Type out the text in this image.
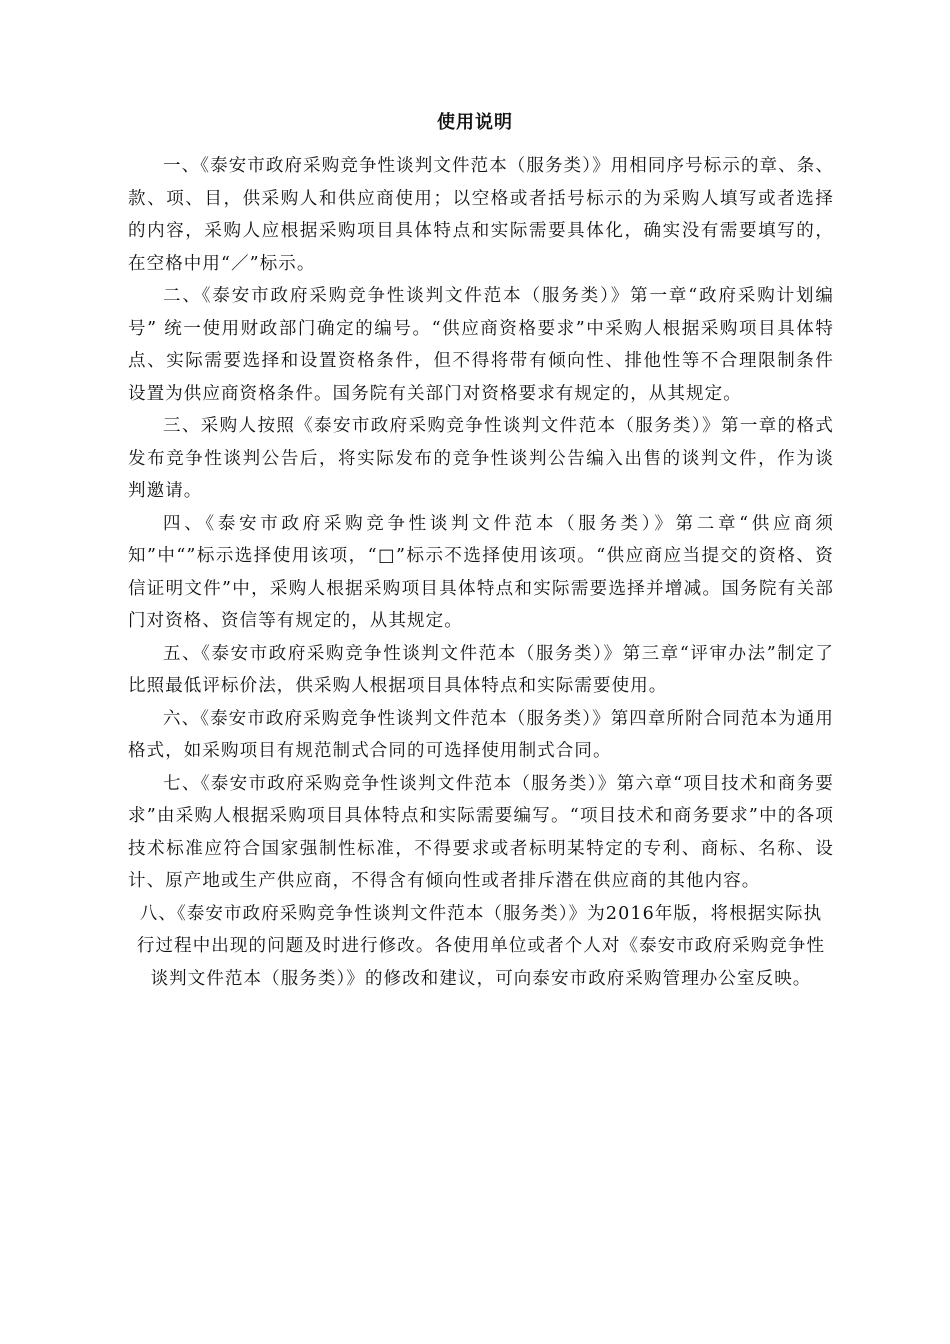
使用说明

一、《泰安市政府采购竞争性谈判文件范本（服务类）》用相同序号标示的章、条、款、项、目，供采购人和供应商使用；以空格或者括号标示的为采购人填写或者选择的内容，采购人应根据采购项目具体特点和实际需要具体化，确实没有需要填写的，在空格中用“／”标示。

二、《泰安市政府采购竞争性谈判文件范本（服务类）》第一章“政府采购计划编号” 统一使用财政部门确定的编号。“供应商资格要求”中采购人根据采购项目具体特点、实际需要选择和设置资格条件，但不得将带有倾向性、排他性等不合理限制条件设置为供应商资格条件。国务院有关部门对资格要求有规定的，从其规定。

三、采购人按照《泰安市政府采购竞争性谈判文件范本（服务类）》第一章的格式发布竞争性谈判公告后，将实际发布的竞争性谈判公告编入出售的谈判文件，作为谈判邀请。

四、《泰安市政府采购竞争性谈判文件范本（服务类）》第二章“供应商须知”中“”标示选择使用该项，“□”标示不选择使用该项。“供应商应当提交的资格、资信证明文件”中，采购人根据采购项目具体特点和实际需要选择并增减。国务院有关部门对资格、资信等有规定的，从其规定。

五、《泰安市政府采购竞争性谈判文件范本（服务类）》第三章“评审办法”制定了比照最低评标价法，供采购人根据项目具体特点和实际需要使用。

六、《泰安市政府采购竞争性谈判文件范本（服务类）》第四章所附合同范本为通用格式，如采购项目有规范制式合同的可选择使用制式合同。

七、《泰安市政府采购竞争性谈判文件范本（服务类）》第六章“项目技术和商务要求”由采购人根据采购项目具体特点和实际需要编写。“项目技术和商务要求”中的各项技术标准应符合国家强制性标准，不得要求或者标明某特定的专利、商标、名称、设计、原产地或生产供应商，不得含有倾向性或者排斥潜在供应商的其他内容。

八、《泰安市政府采购竞争性谈判文件范本（服务类）》为2016年版，将根据实际执行过程中出现的问题及时进行修改。各使用单位或者个人对《泰安市政府采购竞争性谈判文件范本（服务类）》的修改和建议，可向泰安市政府采购管理办公室反映。
